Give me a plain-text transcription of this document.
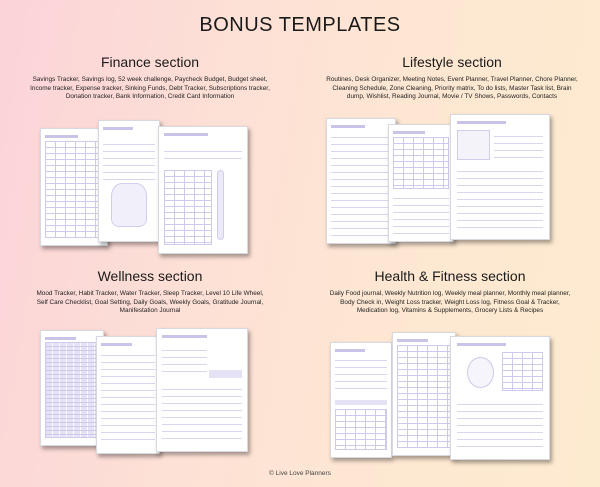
BONUS TEMPLATES
Finance section
Savings Tracker, Savings log, 52 week challenge, Paycheck Budget, Budget sheet, Income tracker, Expense tracker, Sinking Funds, Debt Tracker, Subscriptions tracker, Donation tracker, Bank Information, Credit Card Information
Lifestyle section
Routines, Desk Organizer, Meeting Notes, Event Planner, Travel Planner, Chore Planner, Cleaning Schedule, Zone Cleaning, Priority matrix, To do lists, Master Task list, Brain dump, Wishlist, Reading Journal, Movie / TV Shows, Passwords, Contacts
Wellness section
Mood Tracker, Habit Tracker, Water Tracker, Sleep Tracker, Level 10 Life Wheel, Self Care Checklist, Goal Setting, Daily Goals, Weekly Goals, Gratitude Journal, Manifestation Journal
Health & Fitness section
Daily Food journal, Weekly Nutrition log, Weekly meal planner, Monthly meal planner, Body Check in, Weight Loss tracker, Weight Loss log, Fitness Goal & Tracker, Medication log, Vitamins & Supplements, Grocery Lists & Recipes
© Live Love Planners
